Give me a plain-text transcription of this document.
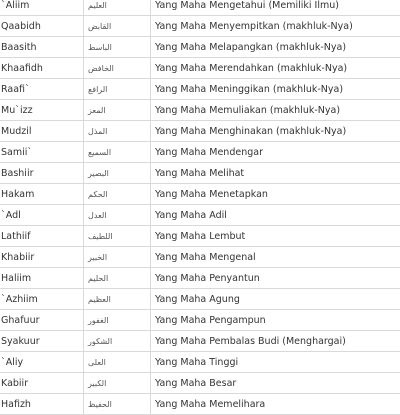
`Aliim	العليم	Yang Maha Mengetahui (Memiliki Ilmu)
Qaabidh	القابض	Yang Maha Menyempitkan (makhluk-Nya)
Baasith	الباسط	Yang Maha Melapangkan (makhluk-Nya)
Khaafidh	الخافض	Yang Maha Merendahkan (makhluk-Nya)
Raafi`	الرافع	Yang Maha Meninggikan (makhluk-Nya)
Mu`izz	المعز	Yang Maha Memuliakan (makhluk-Nya)
Mudzil	المذل	Yang Maha Menghinakan (makhluk-Nya)
Samii`	السميع	Yang Maha Mendengar
Bashiir	البصير	Yang Maha Melihat
Hakam	الحكم	Yang Maha Menetapkan
`Adl	العدل	Yang Maha Adil
Lathiif	اللطيف	Yang Maha Lembut
Khabiir	الخبير	Yang Maha Mengenal
Haliim	الحليم	Yang Maha Penyantun
`Azhiim	العظيم	Yang Maha Agung
Ghafuur	الغفور	Yang Maha Pengampun
Syakuur	الشكور	Yang Maha Pembalas Budi (Menghargai)
`Aliy	العلى	Yang Maha Tinggi
Kabiir	الكبير	Yang Maha Besar
Hafizh	الحفيظ	Yang Maha Memelihara
